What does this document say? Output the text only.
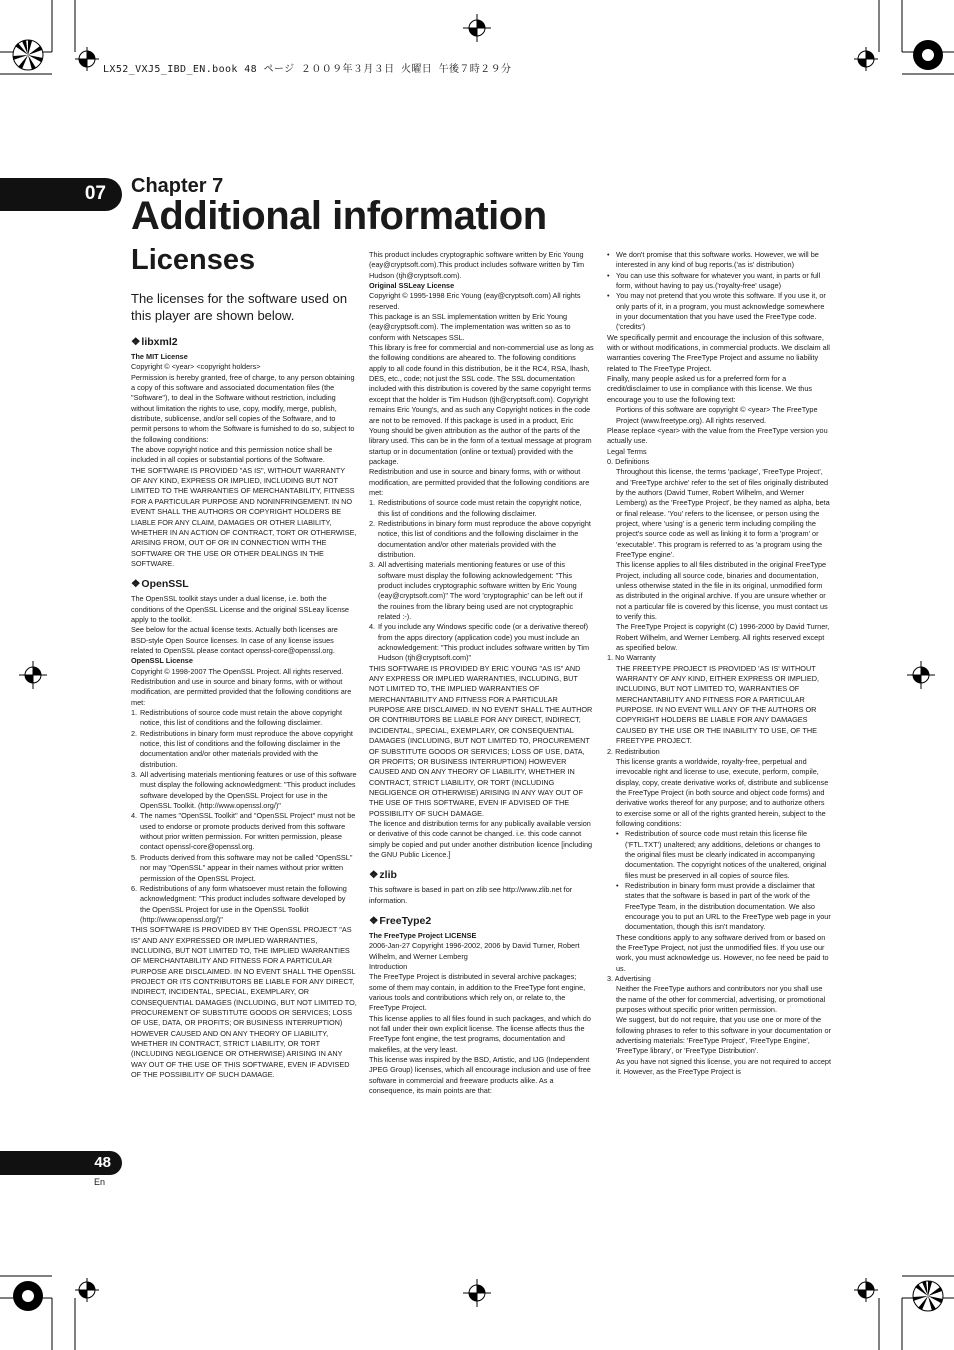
LX52_VXJ5_IBD_EN.book 48 ページ ２００９年３月３日 火曜日 午後７時２９分
07 Chapter 7
Additional information
Licenses
The licenses for the software used on this player are shown below.
❖libxml2
The MIT License

Copyright © <year> <copyright holders>

Permission is hereby granted, free of charge, to any person obtaining a copy of this software and associated documentation files (the "Software"), to deal in the Software without restriction, including without limitation the rights to use, copy, modify, merge, publish, distribute, sublicense, and/or sell copies of the Software, and to permit persons to whom the Software is furnished to do so, subject to the following conditions:

The above copyright notice and this permission notice shall be included in all copies or substantial portions of the Software.

THE SOFTWARE IS PROVIDED "AS IS", WITHOUT WARRANTY OF ANY KIND, EXPRESS OR IMPLIED, INCLUDING BUT NOT LIMITED TO THE WARRANTIES OF MERCHANTABILITY, FITNESS FOR A PARTICULAR PURPOSE AND NONINFRINGEMENT. IN NO EVENT SHALL THE AUTHORS OR COPYRIGHT HOLDERS BE LIABLE FOR ANY CLAIM, DAMAGES OR OTHER LIABILITY, WHETHER IN AN ACTION OF CONTRACT, TORT OR OTHERWISE, ARISING FROM, OUT OF OR IN CONNECTION WITH THE SOFTWARE OR THE USE OR OTHER DEALINGS IN THE SOFTWARE.

❖OpenSSL

The OpenSSL toolkit stays under a dual license, i.e. both the conditions of the OpenSSL License and the original SSLeay license apply to the toolkit.

See below for the actual license texts. Actually both licenses are BSD-style Open Source licenses. In case of any license issues related to OpenSSL please contact openssl-core@openssl.org.

OpenSSL License

Copyright © 1998-2007 The OpenSSL Project. All rights reserved.

Redistribution and use in source and binary forms, with or without modification, are permitted provided that the following conditions are met:

1. Redistributions of source code must retain the above copyright notice, this list of conditions and the following disclaimer.
2. Redistributions in binary form must reproduce the above copyright notice, this list of conditions and the following disclaimer in the documentation and/or other materials provided with the distribution.
3. All advertising materials mentioning features or use of this software must display the following acknowledgment: "This product includes software developed by the OpenSSL Project for use in the OpenSSL Toolkit. (http://www.openssl.org/)"
4. The names "OpenSSL Toolkit" and "OpenSSL Project" must not be used to endorse or promote products derived from this software without prior written permission. For written permission, please contact openssl-core@openssl.org.
5. Products derived from this software may not be called "OpenSSL" nor may "OpenSSL" appear in their names without prior written permission of the OpenSSL Project.
6. Redistributions of any form whatsoever must retain the following acknowledgment: "This product includes software developed by the OpenSSL Project for use in the OpenSSL Toolkit (http://www.openssl.org/)"

THIS SOFTWARE IS PROVIDED BY THE OpenSSL PROJECT "AS IS" AND ANY EXPRESSED OR IMPLIED WARRANTIES, INCLUDING, BUT NOT LIMITED TO, THE IMPLIED WARRANTIES OF MERCHANTABILITY AND FITNESS FOR A PARTICULAR PURPOSE ARE DISCLAIMED. IN NO EVENT SHALL THE OpenSSL PROJECT OR ITS CONTRIBUTORS BE LIABLE FOR ANY DIRECT, INDIRECT, INCIDENTAL, SPECIAL, EXEMPLARY, OR CONSEQUENTIAL DAMAGES (INCLUDING, BUT NOT LIMITED TO, PROCUREMENT OF SUBSTITUTE GOODS OR SERVICES; LOSS OF USE, DATA, OR PROFITS; OR BUSINESS INTERRUPTION) HOWEVER CAUSED AND ON ANY THEORY OF LIABILITY, WHETHER IN CONTRACT, STRICT LIABILITY, OR TORT (INCLUDING NEGLIGENCE OR OTHERWISE) ARISING IN ANY WAY OUT OF THE USE OF THIS SOFTWARE, EVEN IF ADVISED OF THE POSSIBILITY OF SUCH DAMAGE.

This product includes cryptographic software written by Eric Young (eay@cryptsoft.com).This product includes software written by Tim Hudson (tjh@cryptsoft.com).

Original SSLeay License

Copyright © 1995-1998 Eric Young (eay@cryptsoft.com) All rights reserved.

This package is an SSL implementation written by Eric Young (eay@cryptsoft.com). The implementation was written so as to conform with Netscapes SSL.

This library is free for commercial and non-commercial use as long as the following conditions are aheared to. The following conditions apply to all code found in this distribution, be it the RC4, RSA, lhash, DES, etc., code; not just the SSL code. The SSL documentation included with this distribution is covered by the same copyright terms except that the holder is Tim Hudson (tjh@cryptsoft.com). Copyright remains Eric Young's, and as such any Copyright notices in the code are not to be removed. If this package is used in a product, Eric Young should be given attribution as the author of the parts of the library used. This can be in the form of a textual message at program startup or in documentation (online or textual) provided with the package.

Redistribution and use in source and binary forms, with or without modification, are permitted provided that the following conditions are met:

1. Redistributions of source code must retain the copyright notice, this list of conditions and the following disclaimer.
2. Redistributions in binary form must reproduce the above copyright notice, this list of conditions and the following disclaimer in the documentation and/or other materials provided with the distribution.
3. All advertising materials mentioning features or use of this software must display the following acknowledgement: "This product includes cryptographic software written by Eric Young (eay@cryptsoft.com)" The word 'cryptographic' can be left out if the rouines from the library being used are not cryptographic related :-).
4. If you include any Windows specific code (or a derivative thereof) from the apps directory (application code) you must include an acknowledgement: "This product includes software written by Tim Hudson (tjh@cryptsoft.com)"

THIS SOFTWARE IS PROVIDED BY ERIC YOUNG "AS IS" AND ANY EXPRESS OR IMPLIED WARRANTIES, INCLUDING, BUT NOT LIMITED TO, THE IMPLIED WARRANTIES OF MERCHANTABILITY AND FITNESS FOR A PARTICULAR PURPOSE ARE DISCLAIMED. IN NO EVENT SHALL THE AUTHOR OR CONTRIBUTORS BE LIABLE FOR ANY DIRECT, INDIRECT, INCIDENTAL, SPECIAL, EXEMPLARY, OR CONSEQUENTIAL DAMAGES (INCLUDING, BUT NOT LIMITED TO, PROCUREMENT OF SUBSTITUTE GOODS OR SERVICES; LOSS OF USE, DATA, OR PROFITS; OR BUSINESS INTERRUPTION) HOWEVER CAUSED AND ON ANY THEORY OF LIABILITY, WHETHER IN CONTRACT, STRICT LIABILITY, OR TORT (INCLUDING NEGLIGENCE OR OTHERWISE) ARISING IN ANY WAY OUT OF THE USE OF THIS SOFTWARE, EVEN IF ADVISED OF THE POSSIBILITY OF SUCH DAMAGE.

The licence and distribution terms for any publically available version or derivative of this code cannot be changed. i.e. this code cannot simply be copied and put under another distribution licence [including the GNU Public Licence.]

❖zlib

This software is based in part on zlib see http://www.zlib.net for information.

❖FreeType2
The FreeType Project LICENSE

2006-Jan-27 Copyright 1996-2002, 2006 by David Turner, Robert Wilhelm, and Werner Lemberg

Introduction

The FreeType Project is distributed in several archive packages; some of them may contain, in addition to the FreeType font engine, various tools and contributions which rely on, or relate to, the FreeType Project.

This license applies to all files found in such packages, and which do not fall under their own explicit license. The license affects thus the FreeType font engine, the test programs, documentation and makefiles, at the very least.

This license was inspired by the BSD, Artistic, and IJG (Independent JPEG Group) licenses, which all encourage inclusion and use of free software in commercial and freeware products alike. As a consequence, its main points are that:

• We don't promise that this software works. However, we will be interested in any kind of bug reports.('as is' distribution)
• You can use this software for whatever you want, in parts or full form, without having to pay us.('royalty-free' usage)
• You may not pretend that you wrote this software. If you use it, or only parts of it, in a program, you must acknowledge somewhere in your documentation that you have used the FreeType code.('credits')

We specifically permit and encourage the inclusion of this software, with or without modifications, in commercial products. We disclaim all warranties covering The FreeType Project and assume no liability related to The FreeType Project.

Finally, many people asked us for a preferred form for a credit/disclaimer to use in compliance with this license. We thus encourage you to use the following text:

Portions of this software are copyright © <year> The FreeType Project (www.freetype.org). All rights reserved.

Please replace <year> with the value from the FreeType version you actually use.

Legal Terms

0. Definitions

Throughout this license, the terms 'package', 'FreeType Project', and 'FreeType archive' refer to the set of files originally distributed by the authors (David Turner, Robert Wilhelm, and Werner Lemberg) as the 'FreeType Project', be they named as alpha, beta or final release. 'You' refers to the licensee, or person using the project, where 'using' is a generic term including compiling the project's source code as well as linking it to form a 'program' or 'executable'. This program is referred to as 'a program using the FreeType engine'.

This license applies to all files distributed in the original FreeType Project, including all source code, binaries and documentation, unless otherwise stated in the file in its original, unmodified form as distributed in the original archive. If you are unsure whether or not a particular file is covered by this license, you must contact us to verify this.

The FreeType Project is copyright (C) 1996-2000 by David Turner, Robert Wilhelm, and Werner Lemberg. All rights reserved except as specified below.

1. No Warranty

THE FREETYPE PROJECT IS PROVIDED 'AS IS' WITHOUT WARRANTY OF ANY KIND, EITHER EXPRESS OR IMPLIED, INCLUDING, BUT NOT LIMITED TO, WARRANTIES OF MERCHANTABILITY AND FITNESS FOR A PARTICULAR PURPOSE. IN NO EVENT WILL ANY OF THE AUTHORS OR COPYRIGHT HOLDERS BE LIABLE FOR ANY DAMAGES CAUSED BY THE USE OR THE INABILITY TO USE, OF THE FREETYPE PROJECT.

2. Redistribution

This license grants a worldwide, royalty-free, perpetual and irrevocable right and license to use, execute, perform, compile, display, copy, create derivative works of, distribute and sublicense the FreeType Project (in both source and object code forms) and derivative works thereof for any purpose; and to authorize others to exercise some or all of the rights granted herein, subject to the following conditions:

• Redistribution of source code must retain this license file ('FTL.TXT') unaltered; any additions, deletions or changes to the original files must be clearly indicated in accompanying documentation. The copyright notices of the unaltered, original files must be preserved in all copies of source files.
• Redistribution in binary form must provide a disclaimer that states that the software is based in part of the work of the FreeType Team, in the distribution documentation. We also encourage you to put an URL to the FreeType web page in your documentation, though this isn't mandatory.

These conditions apply to any software derived from or based on the FreeType Project, not just the unmodified files. If you use our work, you must acknowledge us. However, no fee need be paid to us.

3. Advertising

Neither the FreeType authors and contributors nor you shall use the name of the other for commercial, advertising, or promotional purposes without specific prior written permission.

We suggest, but do not require, that you use one or more of the following phrases to refer to this software in your documentation or advertising materials: 'FreeType Project', 'FreeType Engine', 'FreeType library', or 'FreeType Distribution'.

As you have not signed this license, you are not required to accept it. However, as the FreeType Project is

48
En
